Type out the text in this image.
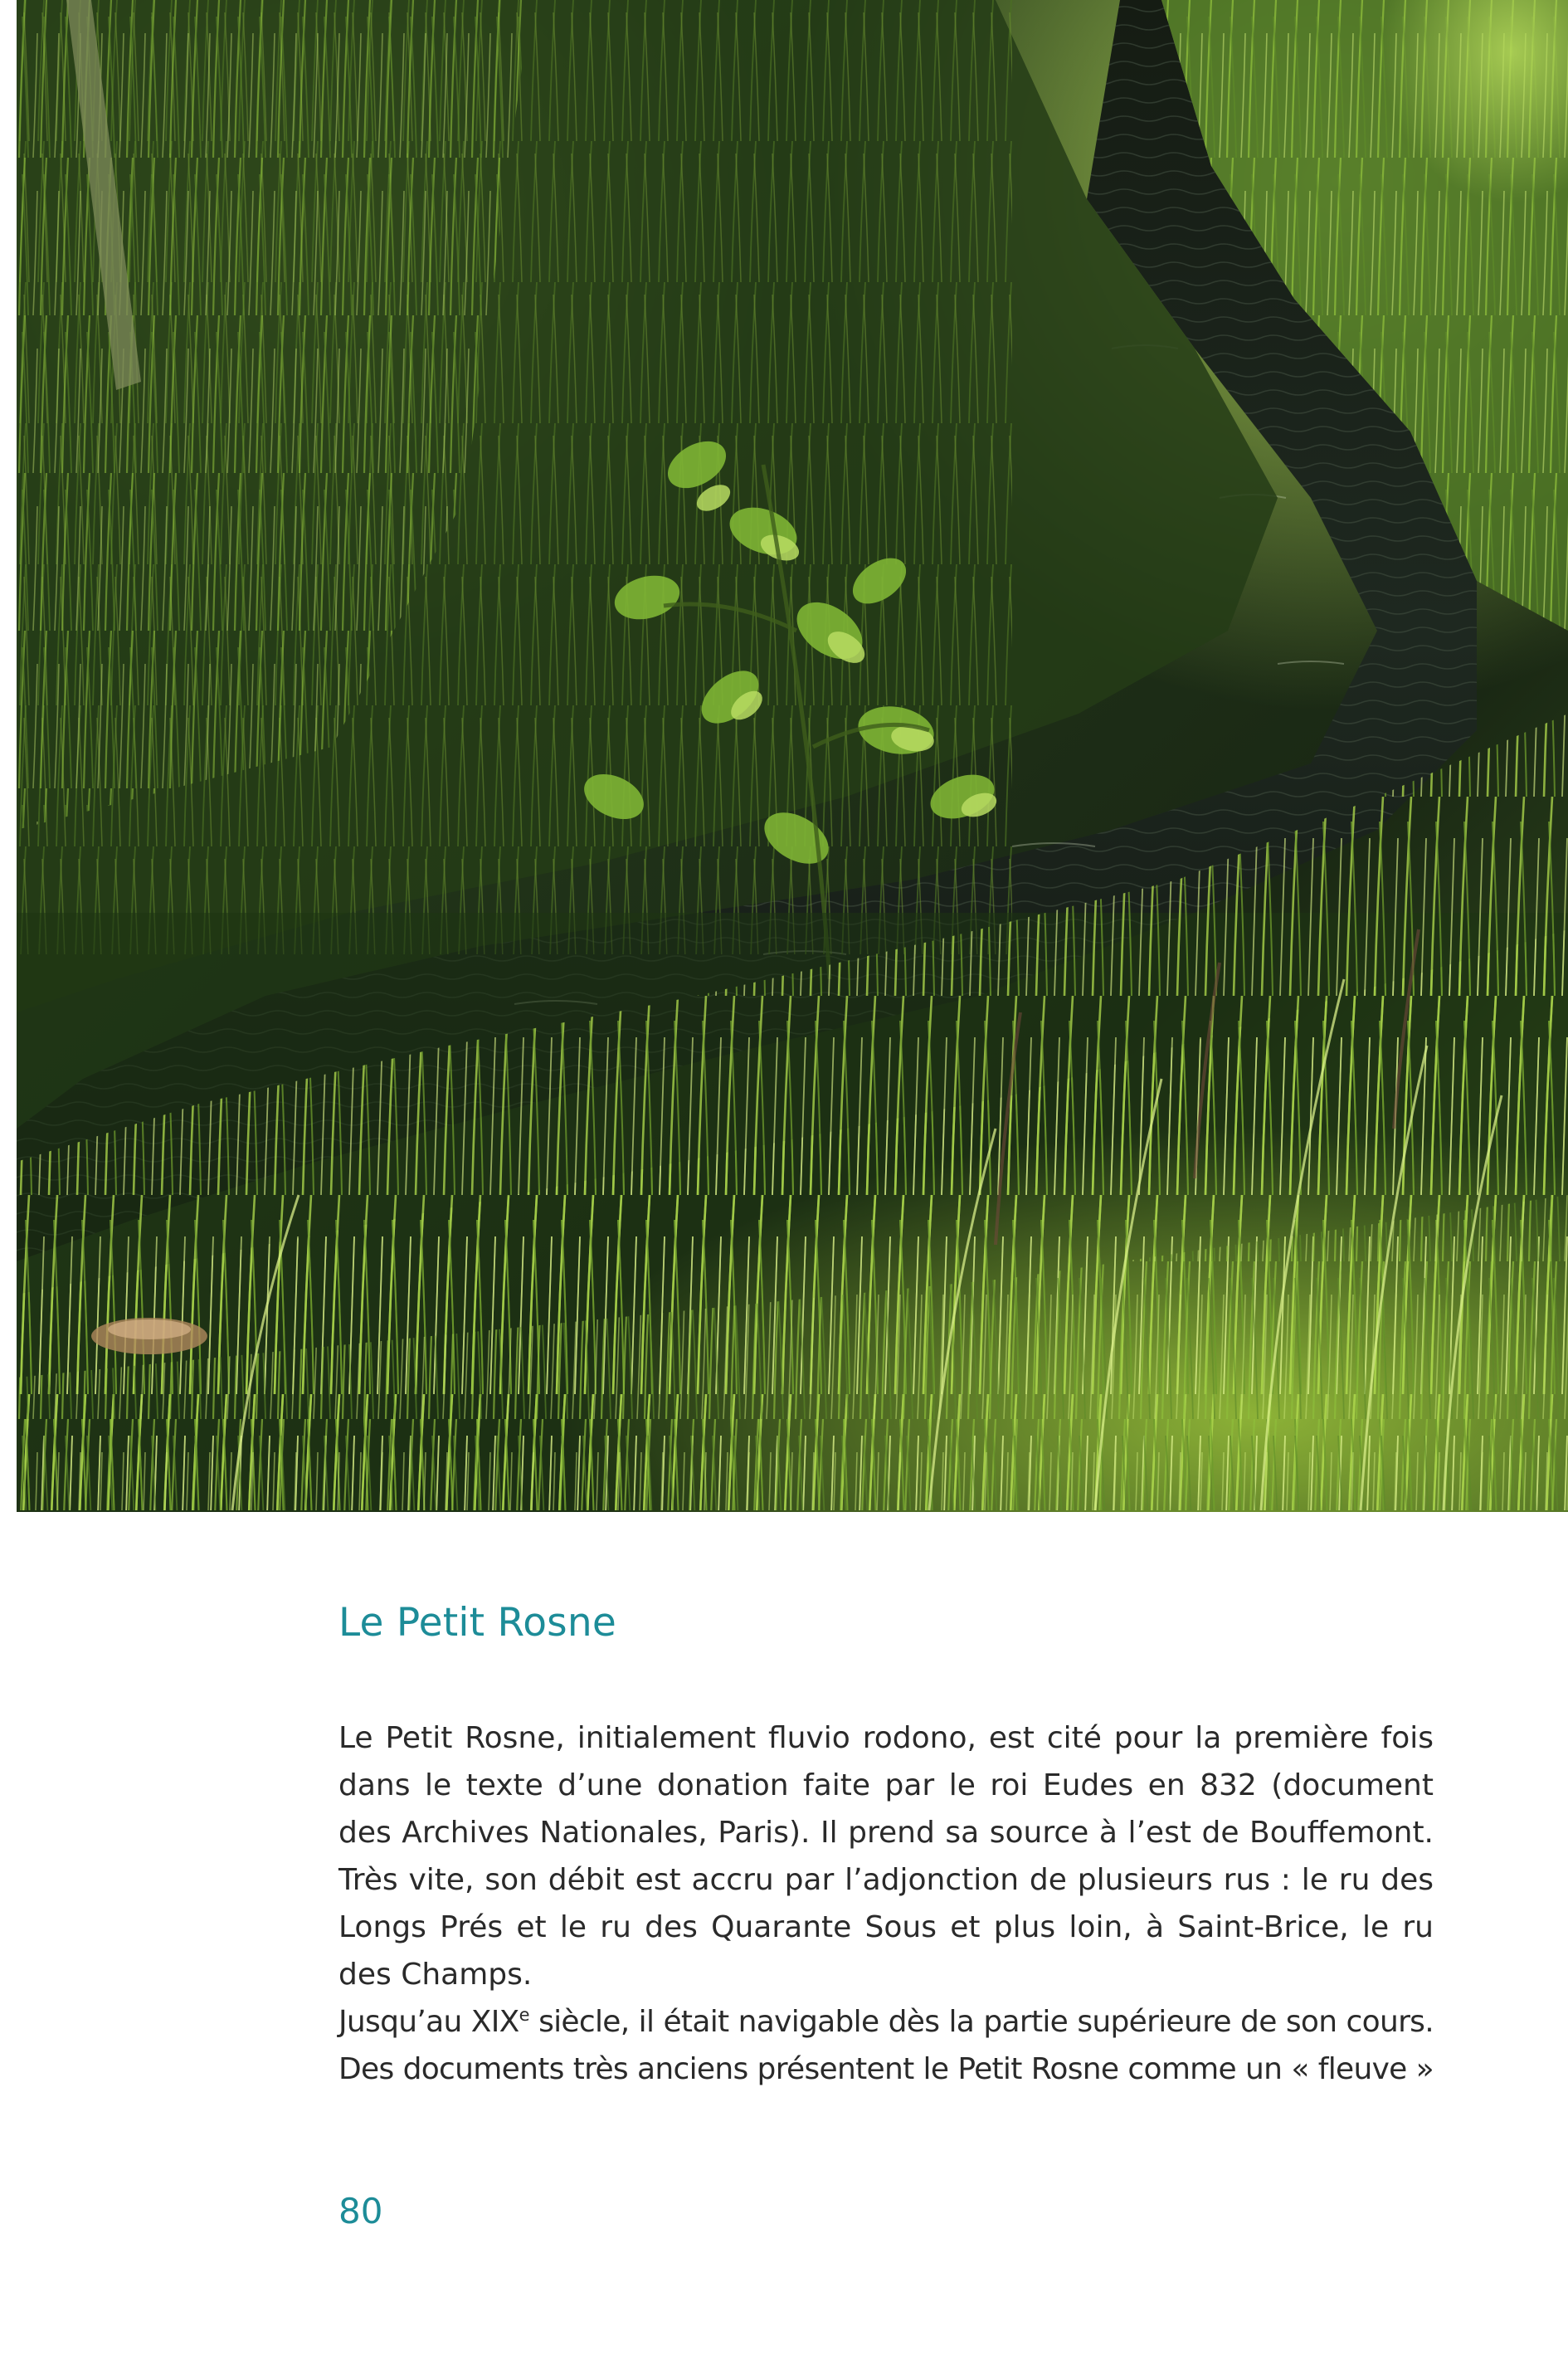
Le Petit Rosne
Le Petit Rosne, initialement fluvio rodono, est cité pour la première fois
dans le texte d’une donation faite par le roi Eudes en 832 (document
des Archives Nationales, Paris). Il prend sa source à l’est de Bouffemont.
Très vite, son débit est accru par l’adjonction de plusieurs rus : le ru des
Longs Prés et le ru des Quarante Sous et plus loin, à Saint-Brice, le ru
des Champs.
Jusqu’au XIXe siècle, il était navigable dès la partie supérieure de son cours.
Des documents très anciens présentent le Petit Rosne comme un « fleuve »
80
